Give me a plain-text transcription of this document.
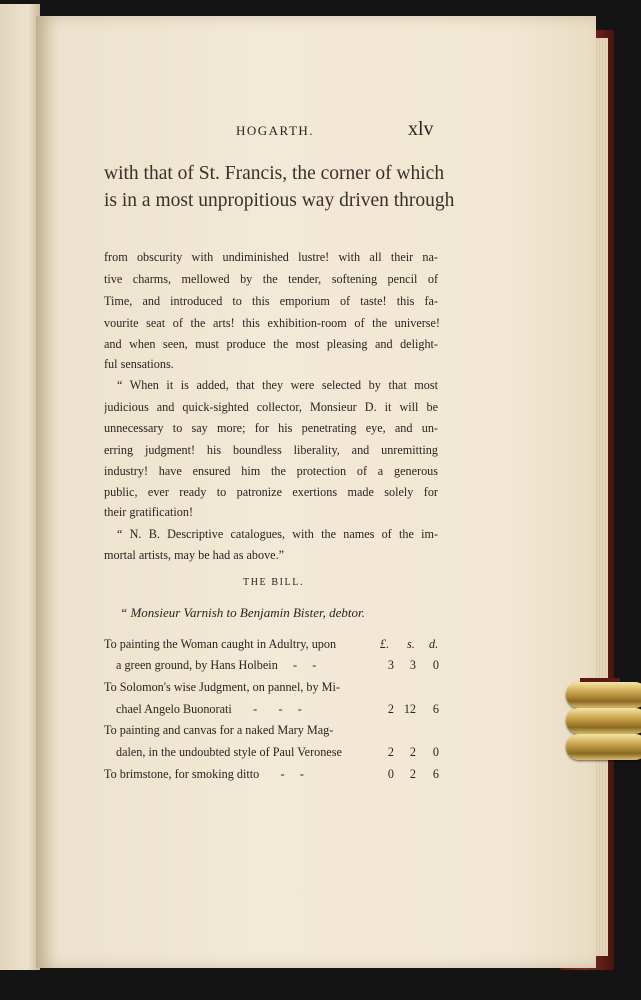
HOGARTH.	xlv
with that of St. Francis, the corner of which
is in a most unpropitious way driven through
from obscurity with undiminished lustre! with all their na-
tive charms, mellowed by the tender, softening pencil of
Time, and introduced to this emporium of taste! this fa-
vourite seat of the arts! this exhibition-room of the universe!
and when seen, must produce the most pleasing and delight-
ful sensations.
“ When it is added, that they were selected by that most
judicious and quick-sighted collector, Monsieur D. it will be
unnecessary to say more; for his penetrating eye, and un-
erring judgment! his boundless liberality, and unremitting
industry! have ensured him the protection of a generous
public, ever ready to patronize exertions made solely for
their gratification!
“ N. B. Descriptive catalogues, with the names of the im-
mortal artists, may be had as above.”
THE BILL.
“ Monsieur Varnish to Benjamin Bister, debtor.
£. s. d.
To painting the Woman caught in Adultry, upon
a green ground, by Hans Holbein     -     -	3	3	0
To Solomon's wise Judgment, on pannel, by Mi-
chael Angelo Buonorati       -       -     -	2 12	6
To painting and canvas for a naked Mary Mag-
dalen, in the undoubted style of Paul Veronese	2	2	0
To brimstone, for smoking ditto       -     -	0	2	6
